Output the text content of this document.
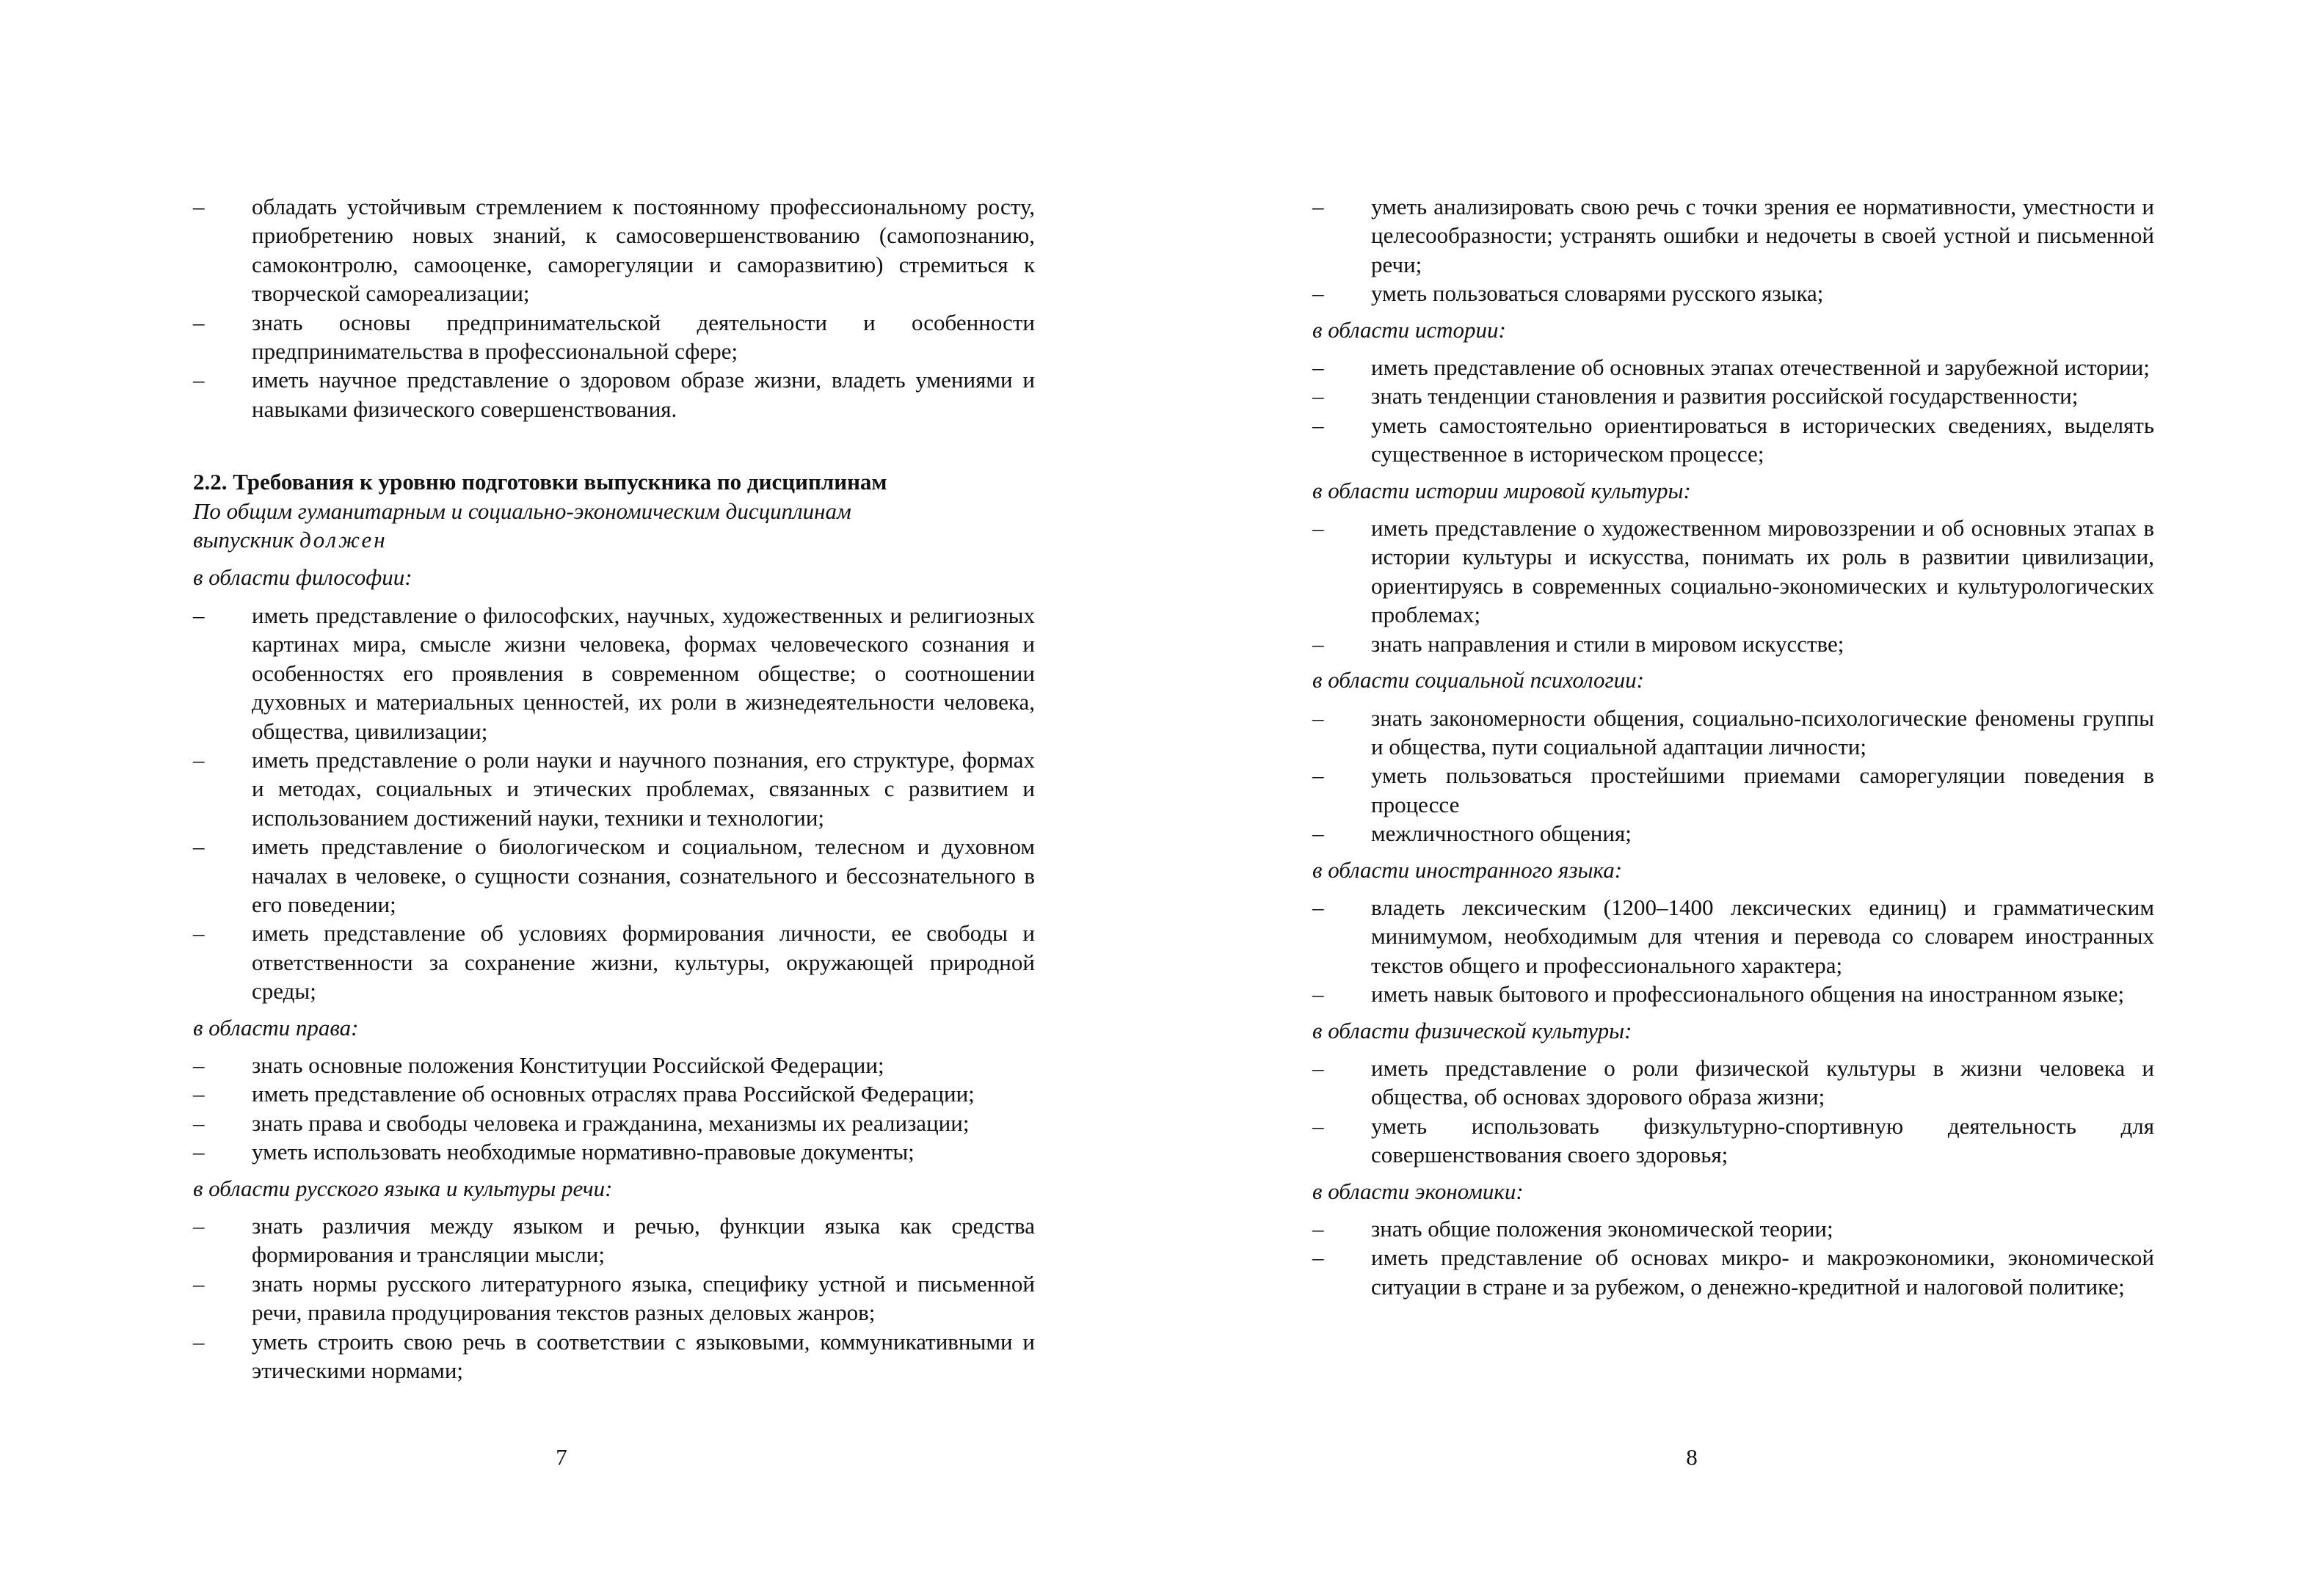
– обладать устойчивым стремлением к постоянному профессиональному росту, приобретению новых знаний, к самосовершенствованию (самопознанию, самоконтролю, самооценке, саморегуляции и саморазвитию) стремиться к творческой самореализации;

– знать основы предпринимательской деятельности и особенности предпринимательства в профессиональной сфере;

– иметь научное представление о здоровом образе жизни, владеть умениями и навыками физического совершенствования.

2.2. Требования к уровню подготовки выпускника по дисциплинам
По общим гуманитарным и социально-экономическим дисциплинам
выпускник должен
в области философии:

– иметь представление о философских, научных, художественных и религиозных картинах мира, смысле жизни человека, формах человеческого сознания и особенностях его проявления в современном обществе; о соотношении духовных и материальных ценностей, их роли в жизнедеятельности человека, общества, цивилизации;

– иметь представление о роли науки и научного познания, его структуре, формах и методах, социальных и этических проблемах, связанных с развитием и использованием достижений науки, техники и технологии;

– иметь представление о биологическом и социальном, телесном и духовном началах в человеке, о сущности сознания, сознательного и бессознательного в его поведении;

– иметь представление об условиях формирования личности, ее свободы и ответственности за сохранение жизни, культуры, окружающей природной среды;

в области права:

– знать основные положения Конституции Российской Федерации;

– иметь представление об основных отраслях права Российской Федерации;

– знать права и свободы человека и гражданина, механизмы их реализации;

– уметь использовать необходимые нормативно-правовые документы;

в области русского языка и культуры речи:

– знать различия между языком и речью, функции языка как средства формирования и трансляции мысли;

– знать нормы русского литературного языка, специфику устной и письменной речи, правила продуцирования текстов разных деловых жанров;

– уметь строить свою речь в соответствии с языковыми, коммуникативными и этическими нормами;

7

– уметь анализировать свою речь с точки зрения ее нормативности, уместности и целесообразности; устранять ошибки и недочеты в своей устной и письменной речи;

– уметь пользоваться словарями русского языка;

в области истории:

– иметь представление об основных этапах отечественной и зарубежной истории;

– знать тенденции становления и развития российской государственности;

– уметь самостоятельно ориентироваться в исторических сведениях, выделять существенное в историческом процессе;

в области истории мировой культуры:

– иметь представление о художественном мировоззрении и об основных этапах в истории культуры и искусства, понимать их роль в развитии цивилизации, ориентируясь в современных социально-экономических и культурологических проблемах;

– знать направления и стили в мировом искусстве;

в области социальной психологии:

– знать закономерности общения, социально-психологические феномены группы и общества, пути социальной адаптации личности;

– уметь пользоваться простейшими приемами саморегуляции поведения в процессе

– межличностного общения;

в области иностранного языка:

– владеть лексическим (1200–1400 лексических единиц) и грамматическим минимумом, необходимым для чтения и перевода со словарем иностранных текстов общего и профессионального характера;

– иметь навык бытового и профессионального общения на иностранном языке;

в области физической культуры:

– иметь представление о роли физической культуры в жизни человека и общества, об основах здорового образа жизни;

– уметь использовать физкультурно-спортивную деятельность для совершенствования своего здоровья;

в области экономики:

– знать общие положения экономической теории;

– иметь представление об основах микро- и макроэкономики, экономической ситуации в стране и за рубежом, о денежно-кредитной и налоговой политике;

8
